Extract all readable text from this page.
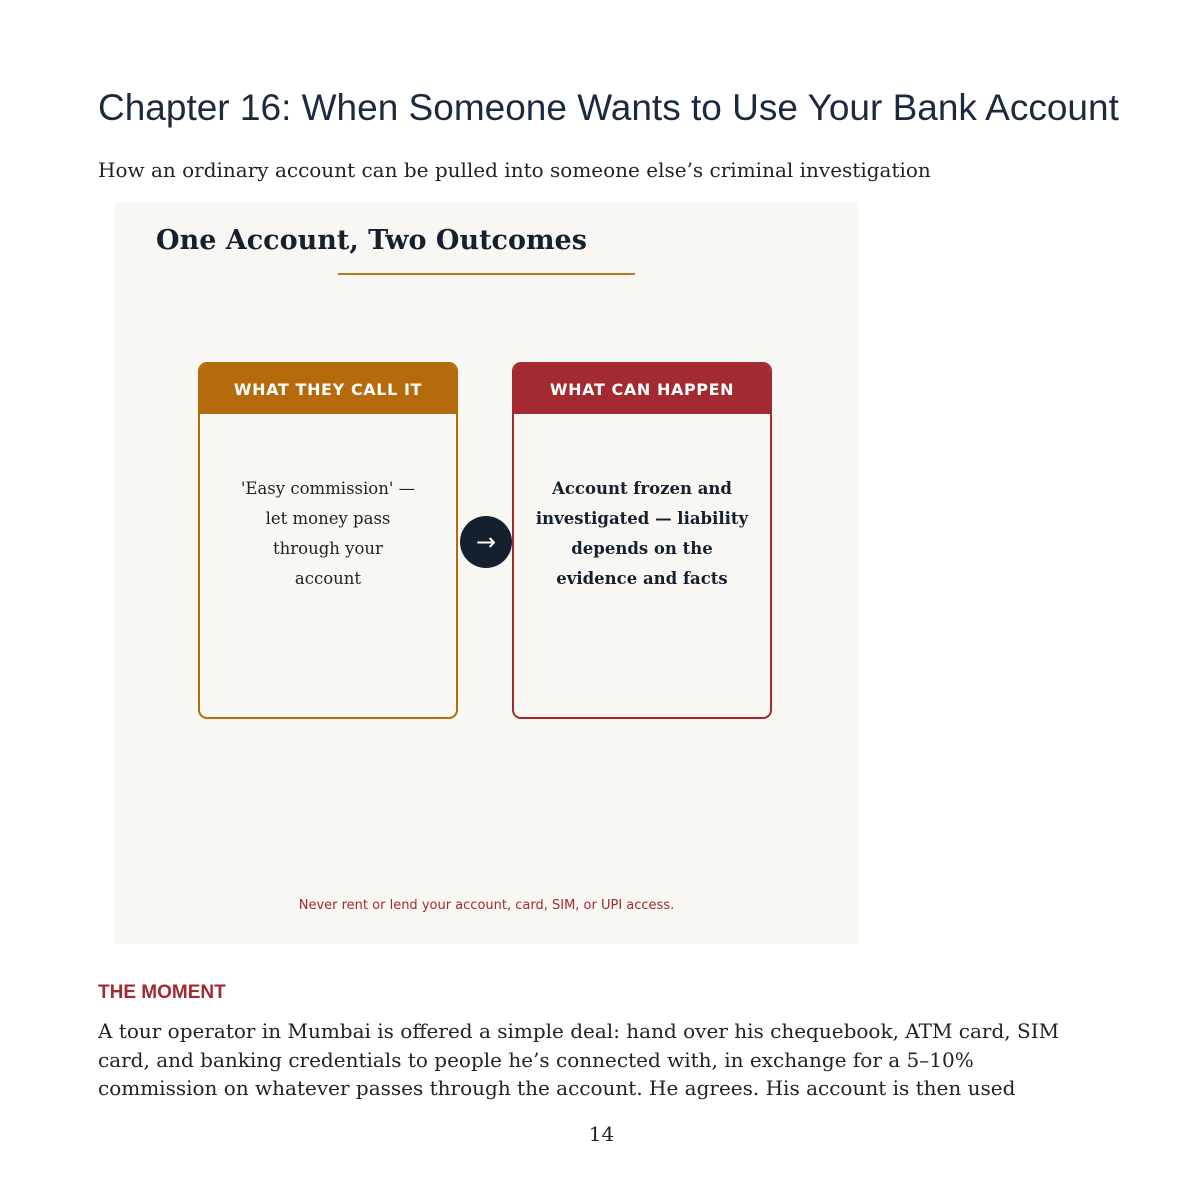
Chapter 16: When Someone Wants to Use Your Bank Account

How an ordinary account can be pulled into someone else’s criminal investigation

One Account, Two Outcomes

WHAT THEY CALL IT
'Easy commission' — let money pass through your account
→
WHAT CAN HAPPEN
Account frozen and investigated — liability depends on the evidence and facts

Never rent or lend your account, card, SIM, or UPI access.

THE MOMENT

A tour operator in Mumbai is offered a simple deal: hand over his chequebook, ATM card, SIM card, and banking credentials to people he’s connected with, in exchange for a 5–10% commission on whatever passes through the account. He agrees. His account is then used

14
